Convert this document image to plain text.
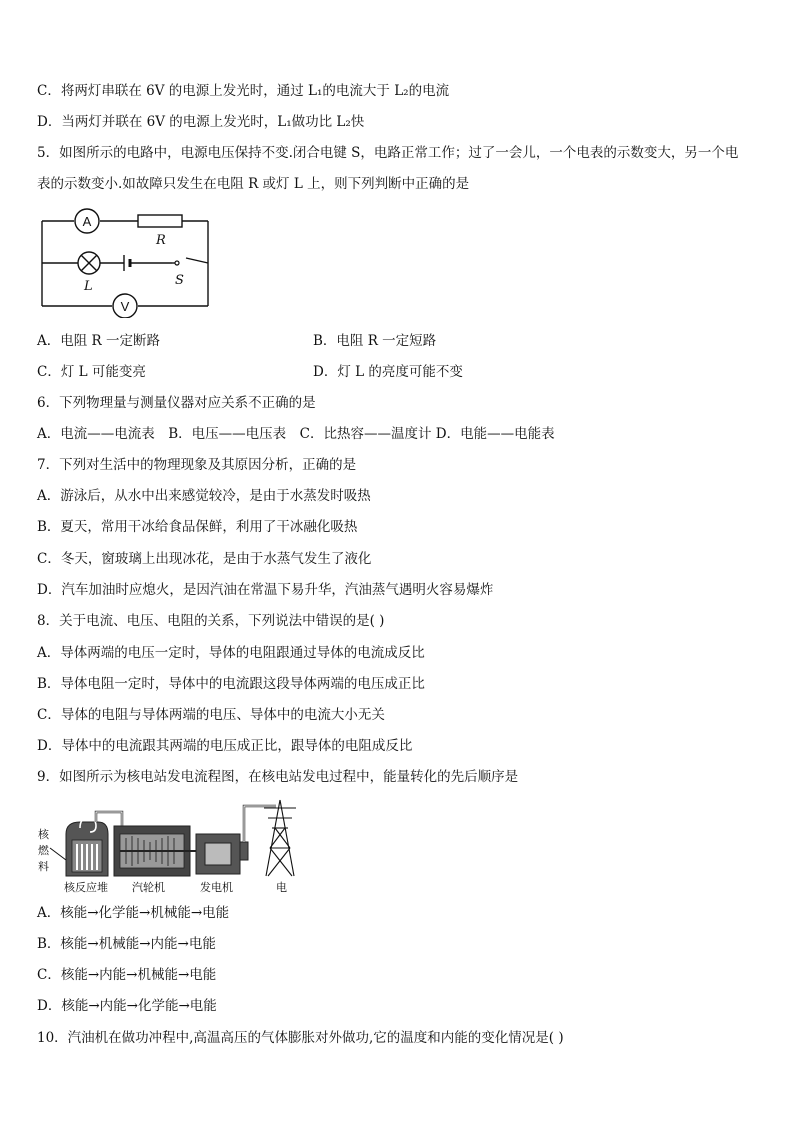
C．将两灯串联在 6V 的电源上发光时，通过 L₁的电流大于 L₂的电流
D．当两灯并联在 6V 的电源上发光时，L₁做功比 L₂快
5．如图所示的电路中，电源电压保持不变.闭合电键 S，电路正常工作；过了一会儿，一个电表的示数变大，另一个电
表的示数变小.如故障只发生在电阻 R 或灯 L 上，则下列判断中正确的是
A
R
L	S
V
A．电阻 R 一定断路	B．电阻 R 一定短路
C．灯 L 可能变亮	D．灯 L 的亮度可能不变
6．下列物理量与测量仪器对应关系不正确的是
A．电流——电流表　B．电压——电压表　C．比热容——温度计 D．电能——电能表
7．下列对生活中的物理现象及其原因分析，正确的是
A．游泳后，从水中出来感觉较冷，是由于水蒸发时吸热
B．夏天，常用干冰给食品保鲜，利用了干冰融化吸热
C．冬天，窗玻璃上出现冰花，是由于水蒸气发生了液化
D．汽车加油时应熄火，是因汽油在常温下易升华，汽油蒸气遇明火容易爆炸
8．关于电流、电压、电阻的关系，下列说法中错误的是( )
A．导体两端的电压一定时，导体的电阻跟通过导体的电流成反比
B．导体电阻一定时，导体中的电流跟这段导体两端的电压成正比
C．导体的电阻与导体两端的电压、导体中的电流大小无关
D．导体中的电流跟其两端的电压成正比，跟导体的电阻成反比
9．如图所示为核电站发电流程图，在核电站发电过程中，能量转化的先后顺序是
核
燃
料
核反应堆 汽轮机	发电机	电
A．核能→化学能→机械能→电能
B．核能→机械能→内能→电能
C．核能→内能→机械能→电能
D．核能→内能→化学能→电能
10．汽油机在做功冲程中,高温高压的气体膨胀对外做功,它的温度和内能的变化情况是( )
